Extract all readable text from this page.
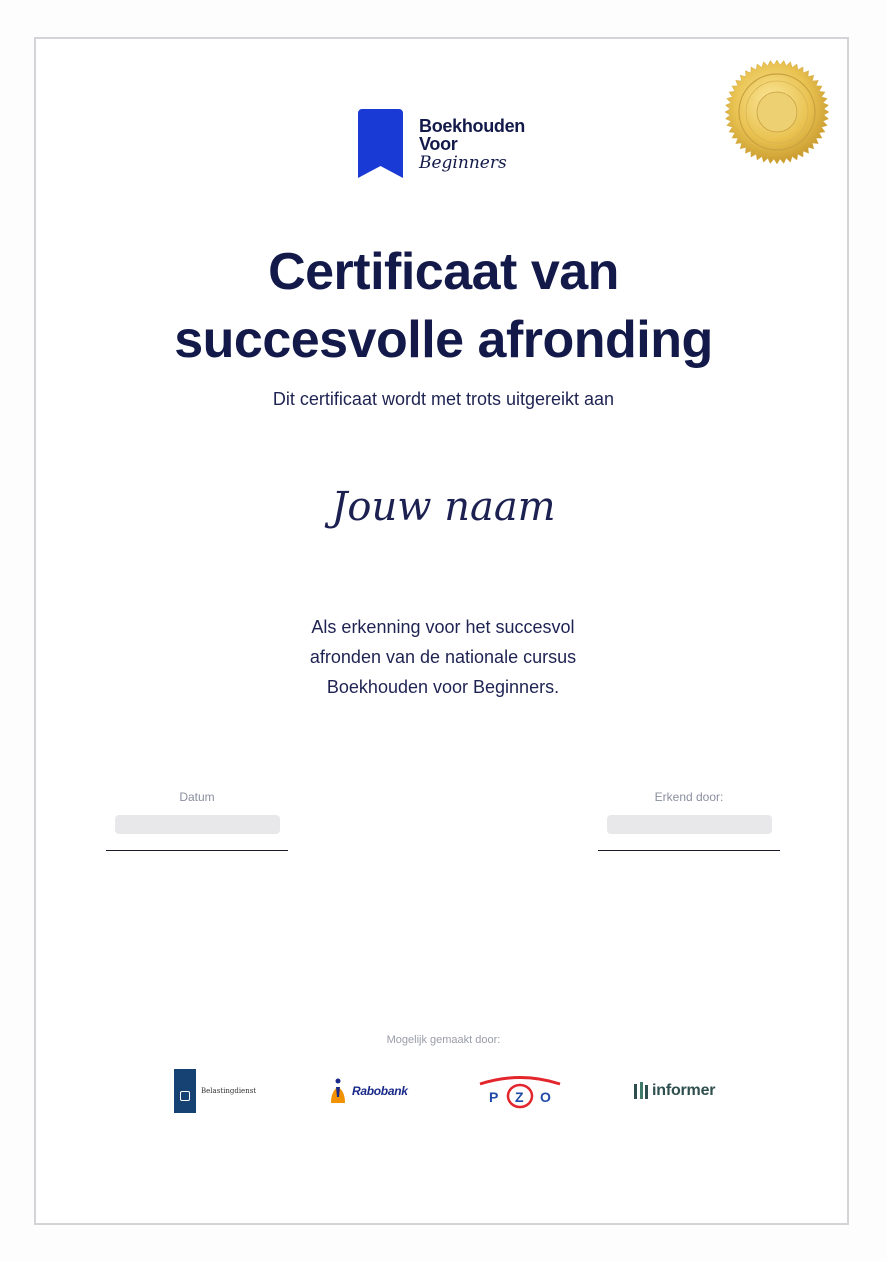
Boekhouden
Voor
Beginners
Certificaat van
succesvolle afronding
Dit certificaat wordt met trots uitgereikt aan
Jouw naam
Als erkenning voor het succesvol
afronden van de nationale cursus
Boekhouden voor Beginners.
Datum	Erkend door:
Mogelijk gemaakt door:
Belastingdienst	Rabobank	P Z O	informer
